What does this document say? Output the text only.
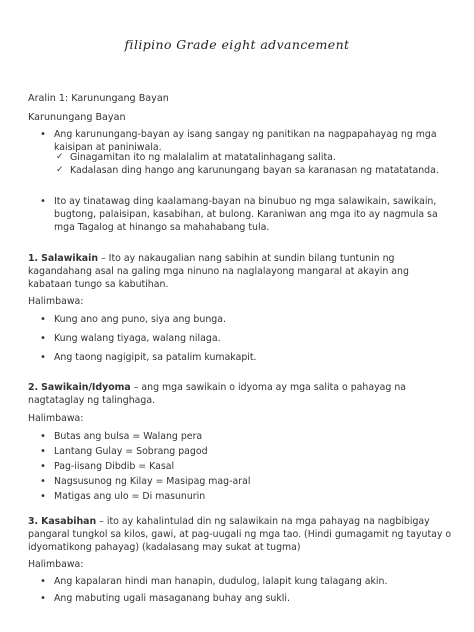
filipino Grade eight advancement
Aralin 1: Karunungang Bayan
Karunungang Bayan
• Ang karunungang-bayan ay isang sangay ng panitikan na nagpapahayag ng mga kaisipan at paniniwala.
✓ Ginagamitan ito ng malalalim at matatalinhagang salita.
✓ Kadalasan ding hango ang karunungang bayan sa karanasan ng matatatanda.
• Ito ay tinatawag ding kaalamang-bayan na binubuo ng mga salawikain, sawikain, bugtong, palaisipan, kasabihan, at bulong. Karaniwan ang mga ito ay nagmula sa mga Tagalog at hinango sa mahahabang tula.

1. Salawikain – Ito ay nakaugalian nang sabihin at sundin bilang tuntunin ng kagandahang asal na galing mga ninuno na naglalayong mangaral at akayin ang kabataan tungo sa kabutihan.

Halimbawa:
• Kung ano ang puno, siya ang bunga.
• Kung walang tiyaga, walang nilaga.
• Ang taong nagigipit, sa patalim kumakapit.

2. Sawikain/Idyoma – ang mga sawikain o idyoma ay mga salita o pahayag na nagtataglay ng talinghaga.

Halimbawa:
• Butas ang bulsa = Walang pera
• Lantang Gulay = Sobrang pagod
• Pag-iisang Dibdib = Kasal
• Nagsusunog ng Kilay = Masipag mag-aral
• Matigas ang ulo = Di masunurin

3. Kasabihan – ito ay kahalintulad din ng salawikain na mga pahayag na nagbibigay pangaral tungkol sa kilos, gawi, at pag-uugali ng mga tao. (Hindi gumagamit ng tayutay o idyomatikong pahayag) (kadalasang may sukat at tugma)

Halimbawa:
• Ang kapalaran hindi man hanapin, dudulog, lalapit kung talagang akin.
• Ang mabuting ugali masaganang buhay ang sukli.
